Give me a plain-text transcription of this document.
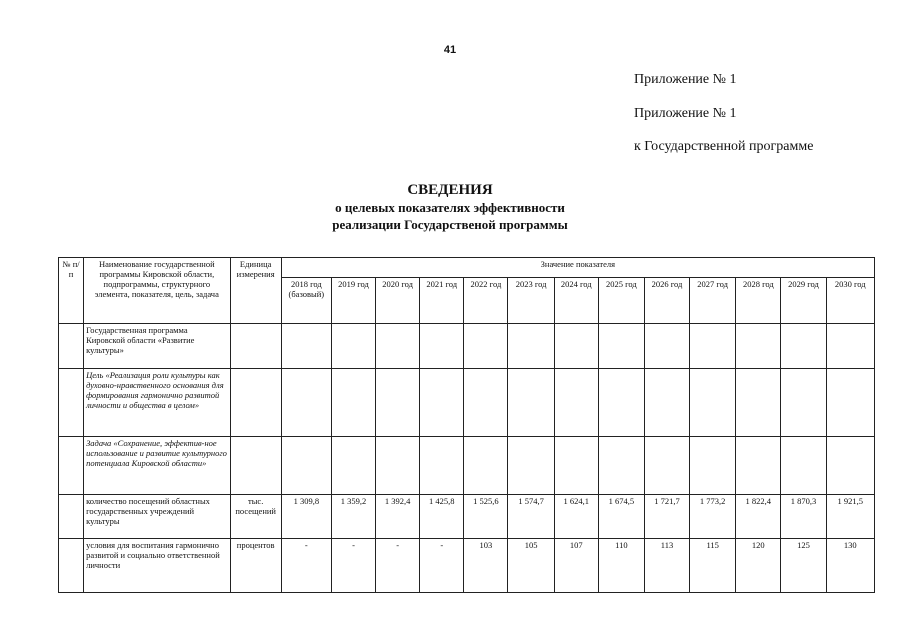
41
Приложение № 1
Приложение № 1
к Государственной программе
СВЕДЕНИЯ
о целевых показателях эффективности
реализации Государственой программы
№ п/п	Наименование государственной программы Кировской области, подпрограммы, структурного элемента, показателя, цель, задача	Единица измерения	Значение показателя												
			2018 год (базовый)	2019 год	2020 год	2021 год	2022 год	2023 год	2024 год	2025 год	2026 год	2027 год	2028 год	2029 год	2030 год
	Государственная программа Кировской области «Развитие культуры»														
	Цель «Реализация роли культуры как духовно-нравственного основания для формирования гармонично развитой личности и общества в целом»														
	Задача «Сохранение, эффектив-ное использование и развитие культурного потенциала Кировской области»														
	количество посещений областных государственных учреждений культуры	тыс. посещений	1 309,8	1 359,2	1 392,4	1 425,8	1 525,6	1 574,7	1 624,1	1 674,5	1 721,7	1 773,2	1 822,4	1 870,3	1 921,5
	условия для воспитания гармонично развитой и социально ответственной личности	процентов	-	-	-	-	103	105	107	110	113	115	120	125	130
